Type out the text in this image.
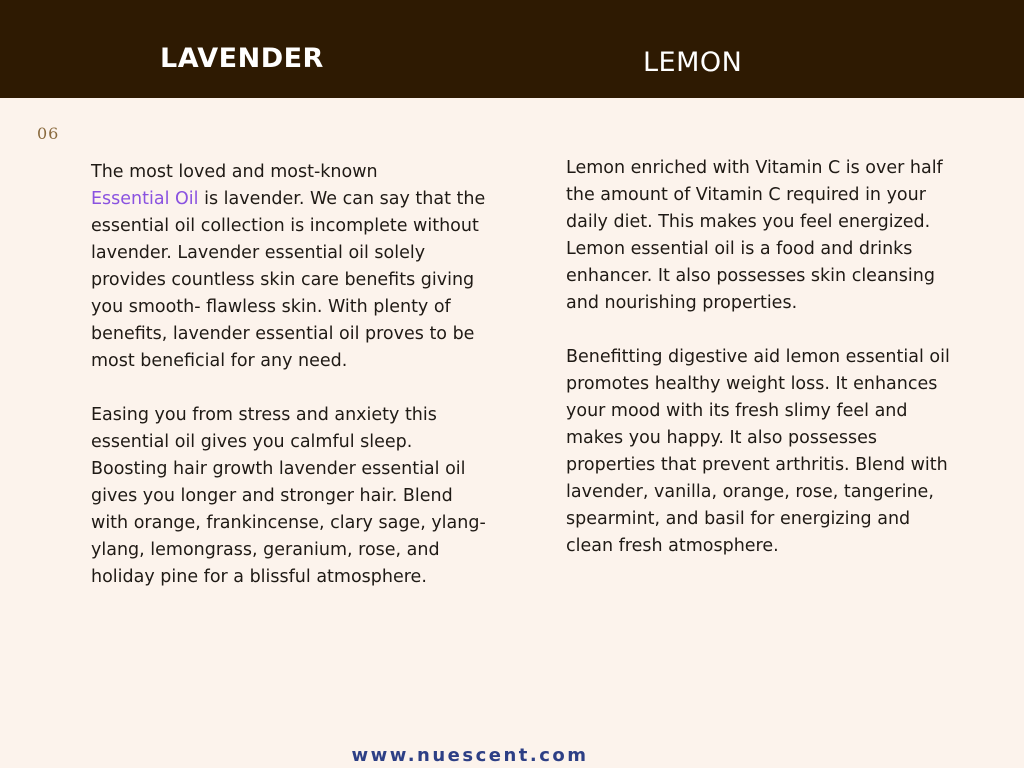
LAVENDER	LEMON
06

The most loved and most-known
Essential Oil is lavender. We can say that the essential oil collection is incomplete without lavender. Lavender essential oil solely provides countless skin care benefits giving you smooth- flawless skin. With plenty of benefits, lavender essential oil proves to be most beneficial for any need.

Easing you from stress and anxiety this essential oil gives you calmful sleep. Boosting hair growth lavender essential oil gives you longer and stronger hair. Blend with orange, frankincense, clary sage, ylang-ylang, lemongrass, geranium, rose, and holiday pine for a blissful atmosphere.

Lemon enriched with Vitamin C is over half the amount of Vitamin C required in your daily diet. This makes you feel energized. Lemon essential oil is a food and drinks enhancer. It also possesses skin cleansing and nourishing properties.

Benefitting digestive aid lemon essential oil promotes healthy weight loss. It enhances your mood with its fresh slimy feel and makes you happy. It also possesses properties that prevent arthritis. Blend with lavender, vanilla, orange, rose, tangerine, spearmint, and basil for energizing and clean fresh atmosphere.

www.nuescent.com
